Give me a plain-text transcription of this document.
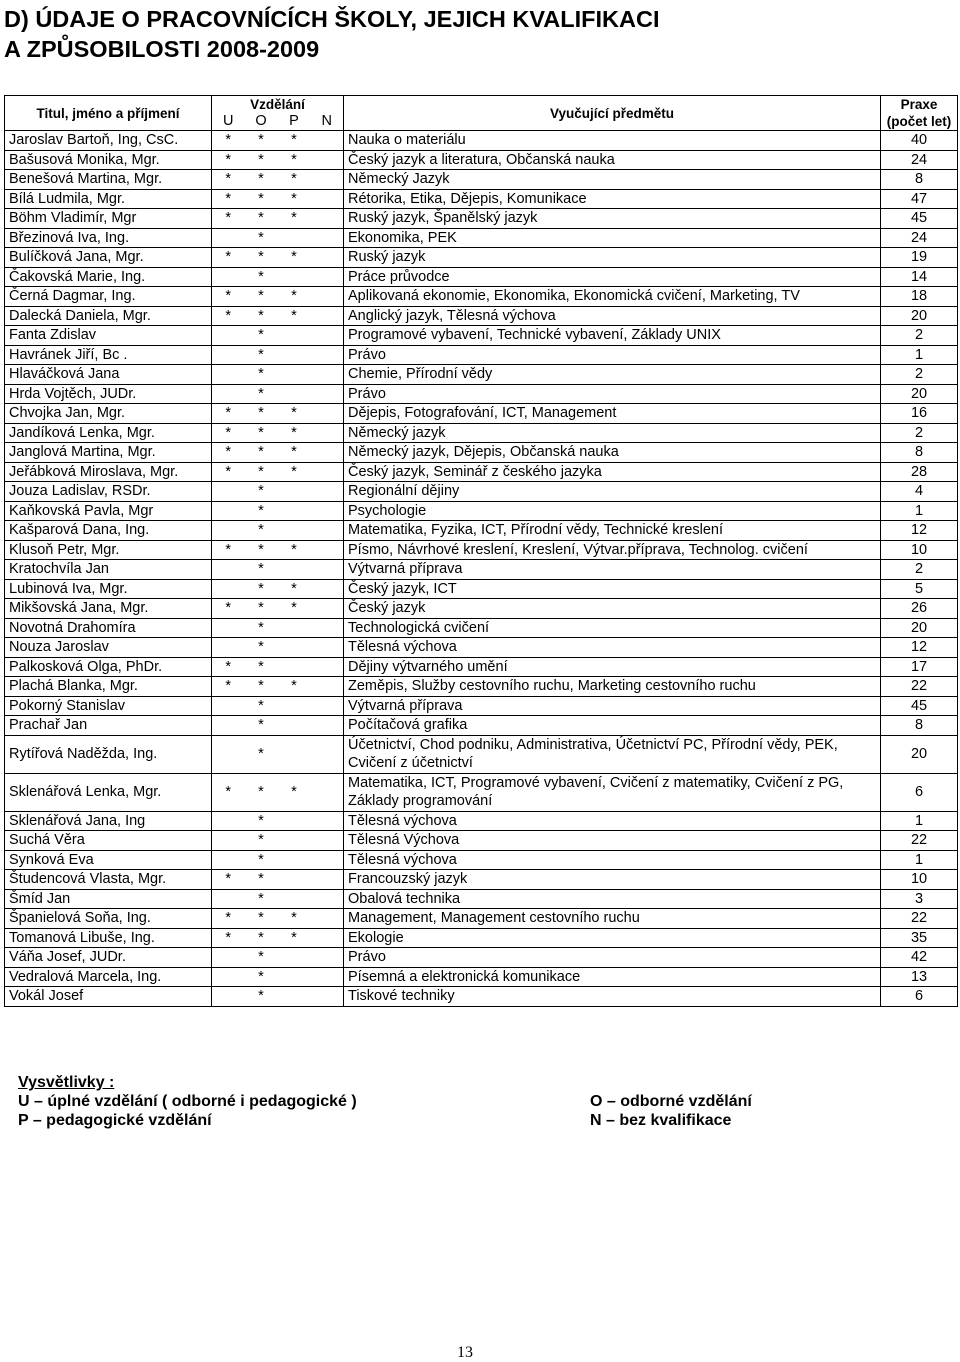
D) ÚDAJE O PRACOVNÍCÍCH ŠKOLY, JEJICH KVALIFIKACI
A ZPŮSOBILOSTI 2008-2009
Titul, jméno a příjmení	Vzdělání				Vyučující předmětu	Praxe (počet let)
	U	O	P	N		
Jaroslav Bartoň, Ing, CsC.	*	*	*		Nauka o materiálu	40
Bašusová Monika, Mgr.	*	*	*		Český jazyk a literatura, Občanská nauka	24
Benešová Martina, Mgr.	*	*	*		Německý Jazyk	8
Bílá Ludmila, Mgr.	*	*	*		Rétorika, Etika, Dějepis, Komunikace	47
Böhm Vladimír, Mgr	*	*	*		Ruský jazyk, Španělský jazyk	45
Březinová Iva, Ing.		*			Ekonomika, PEK	24
Bulíčková Jana, Mgr.	*	*	*		Ruský jazyk	19
Čakovská Marie, Ing.		*			Práce průvodce	14
Černá Dagmar, Ing.	*	*	*		Aplikovaná ekonomie, Ekonomika, Ekonomická cvičení, Marketing, TV	18
Dalecká Daniela, Mgr.	*	*	*		Anglický jazyk, Tělesná výchova	20
Fanta Zdislav		*			Programové vybavení, Technické vybavení, Základy UNIX	2
Havránek Jiří, Bc .		*			Právo	1
Hlaváčková Jana		*			Chemie, Přírodní vědy	2
Hrda Vojtěch, JUDr.		*			Právo	20
Chvojka Jan, Mgr.	*	*	*		Dějepis, Fotografování, ICT, Management	16
Jandíková Lenka, Mgr.	*	*	*		Německý jazyk	2
Janglová Martina, Mgr.	*	*	*		Německý jazyk, Dějepis, Občanská nauka	8
Jeřábková Miroslava, Mgr.	*	*	*		Český jazyk, Seminář z českého jazyka	28
Jouza Ladislav, RSDr.		*			Regionální dějiny	4
Kaňkovská Pavla, Mgr		*			Psychologie	1
Kašparová Dana, Ing.		*			Matematika, Fyzika, ICT, Přírodní vědy, Technické kreslení	12
Klusoň Petr, Mgr.	*	*	*		Písmo, Návrhové kreslení, Kreslení, Výtvar.příprava, Technolog. cvičení	10
Kratochvíla Jan		*			Výtvarná příprava	2
Lubinová Iva, Mgr.		*	*		Český jazyk, ICT	5
Mikšovská Jana, Mgr.	*	*	*		Český jazyk	26
Novotná Drahomíra		*			Technologická cvičení	20
Nouza Jaroslav		*			Tělesná výchova	12
Palkosková Olga, PhDr.	*	*			Dějiny výtvarného umění	17
Plachá Blanka, Mgr.	*	*	*		Zeměpis, Služby cestovního ruchu, Marketing cestovního ruchu	22
Pokorný Stanislav		*			Výtvarná příprava	45
Prachař Jan		*			Počítačová grafika	8
Rytířová Naděžda, Ing.		*			Účetnictví, Chod podniku, Administrativa, Účetnictví PC, Přírodní vědy, PEK, Cvičení z účetnictví	20
Sklenářová Lenka, Mgr.	*	*	*		Matematika, ICT, Programové vybavení, Cvičení z matematiky, Cvičení z PG, Základy programování	6
Sklenářová Jana, Ing		*			Tělesná výchova	1
Suchá Věra		*			Tělesná Výchova	22
Synková Eva		*			Tělesná výchova	1
Študencová Vlasta, Mgr.	*	*			Francouzský jazyk	10
Šmíd Jan		*			Obalová technika	3
Španielová Soňa, Ing.	*	*	*		Management, Management cestovního ruchu	22
Tomanová Libuše, Ing.	*	*	*		Ekologie	35
Váňa Josef, JUDr.		*			Právo	42
Vedralová Marcela, Ing.		*			Písemná a elektronická komunikace	13
Vokál Josef		*			Tiskové techniky	6
Vysvětlivky :
U – úplné vzdělání ( odborné i pedagogické )	O – odborné vzdělání
P – pedagogické vzdělání	N – bez kvalifikace
13
